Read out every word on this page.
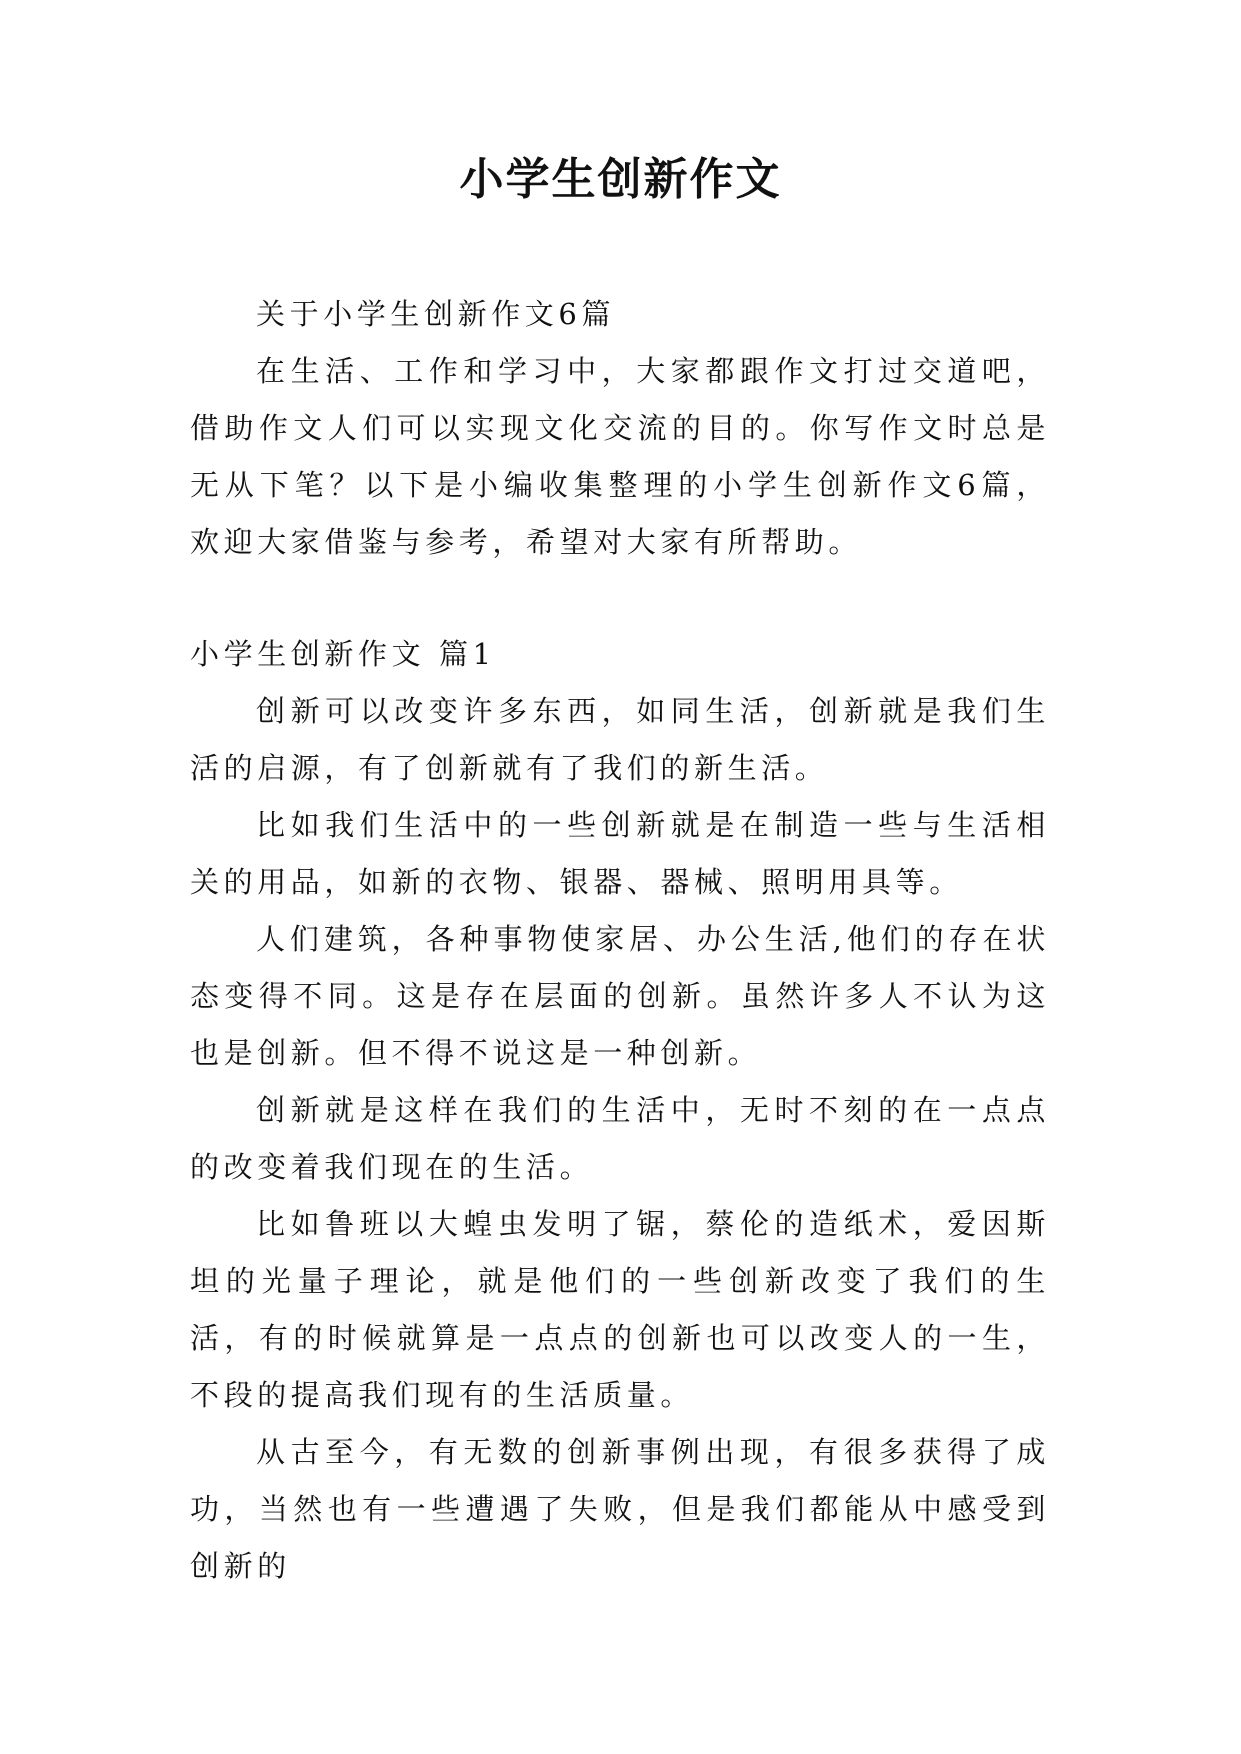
小学生创新作文

关于小学生创新作文6篇

在生活、工作和学习中，大家都跟作文打过交道吧，借助作文人们可以实现文化交流的目的。你写作文时总是无从下笔？以下是小编收集整理的小学生创新作文6篇，欢迎大家借鉴与参考，希望对大家有所帮助。

小学生创新作文 篇1

创新可以改变许多东西，如同生活，创新就是我们生活的启源，有了创新就有了我们的新生活。

比如我们生活中的一些创新就是在制造一些与生活相关的用品，如新的衣物、银器、器械、照明用具等。

人们建筑，各种事物使家居、办公生活,他们的存在状态变得不同。这是存在层面的创新。虽然许多人不认为这也是创新。但不得不说这是一种创新。

创新就是这样在我们的生活中，无时不刻的在一点点的改变着我们现在的生活。

比如鲁班以大蝗虫发明了锯，蔡伦的造纸术，爱因斯坦的光量子理论，就是他们的一些创新改变了我们的生活，有的时候就算是一点点的创新也可以改变人的一生，不段的提高我们现有的生活质量。

从古至今，有无数的创新事例出现，有很多获得了成功，当然也有一些遭遇了失败，但是我们都能从中感受到创新的
